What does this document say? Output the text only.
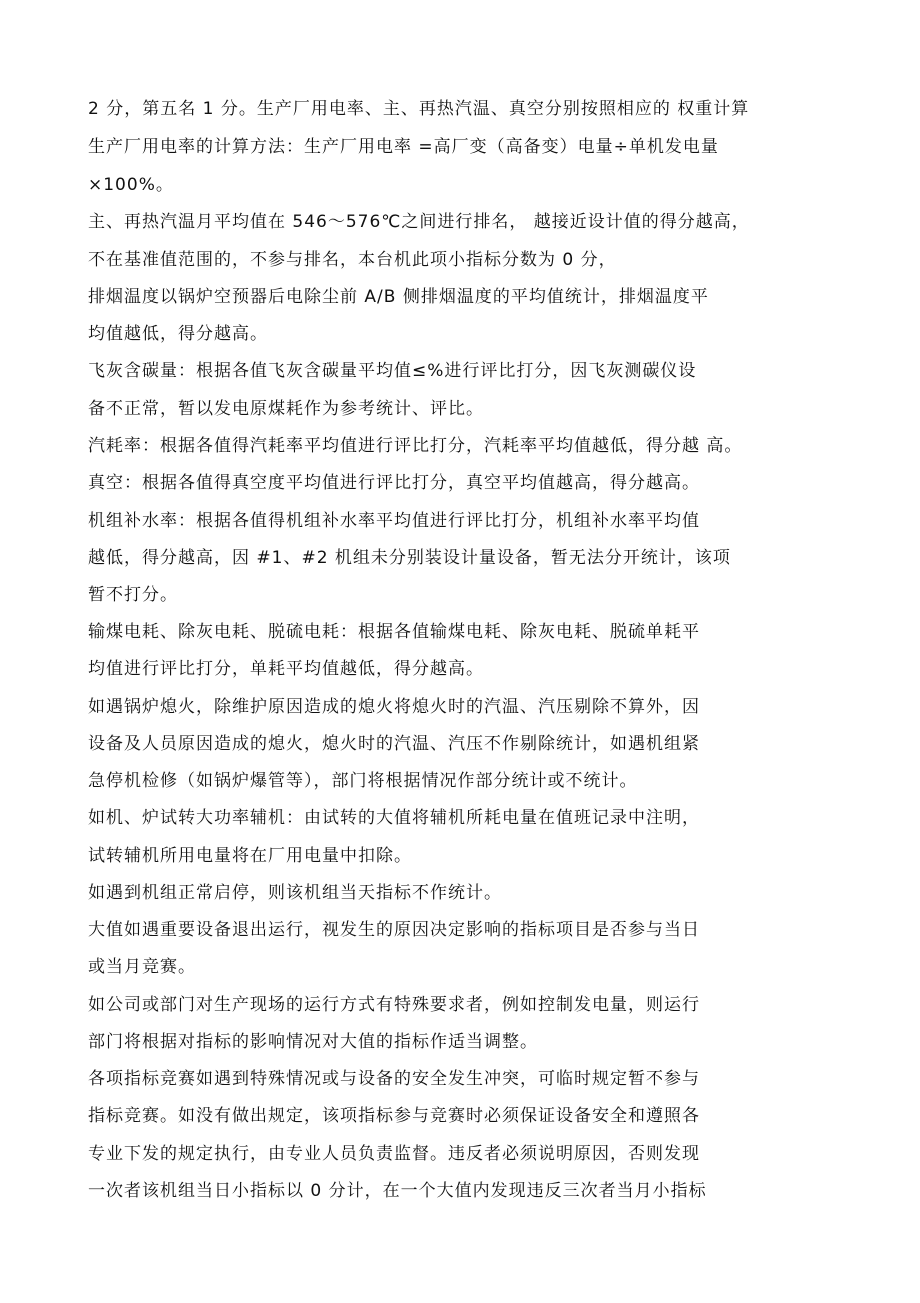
2 分，第五名 1 分。生产厂用电率、主、再热汽温、真空分别按照相应的 权重计算
生产厂用电率的计算方法：生产厂用电率 =高厂变（高备变）电量÷单机发电量
×100%。
主、再热汽温月平均值在 546～576℃之间进行排名， 越接近设计值的得分越高，
不在基准值范围的，不参与排名，本台机此项小指标分数为 0 分，
排烟温度以锅炉空预器后电除尘前 A/B 侧排烟温度的平均值统计，排烟温度平
均值越低，得分越高。
飞灰含碳量：根据各值飞灰含碳量平均值≤%进行评比打分，因飞灰测碳仪设
备不正常，暂以发电原煤耗作为参考统计、评比。
汽耗率：根据各值得汽耗率平均值进行评比打分，汽耗率平均值越低，得分越 高。
真空：根据各值得真空度平均值进行评比打分，真空平均值越高，得分越高。
机组补水率：根据各值得机组补水率平均值进行评比打分，机组补水率平均值
越低，得分越高，因 #1、#2 机组未分别装设计量设备，暂无法分开统计，该项
暂不打分。
输煤电耗、除灰电耗、脱硫电耗：根据各值输煤电耗、除灰电耗、脱硫单耗平
均值进行评比打分，单耗平均值越低，得分越高。
如遇锅炉熄火，除维护原因造成的熄火将熄火时的汽温、汽压剔除不算外，因
设备及人员原因造成的熄火，熄火时的汽温、汽压不作剔除统计，如遇机组紧
急停机检修（如锅炉爆管等），部门将根据情况作部分统计或不统计。
如机、炉试转大功率辅机：由试转的大值将辅机所耗电量在值班记录中注明，
试转辅机所用电量将在厂用电量中扣除。
如遇到机组正常启停，则该机组当天指标不作统计。
大值如遇重要设备退出运行，视发生的原因决定影响的指标项目是否参与当日
或当月竞赛。
如公司或部门对生产现场的运行方式有特殊要求者，例如控制发电量，则运行
部门将根据对指标的影响情况对大值的指标作适当调整。
各项指标竞赛如遇到特殊情况或与设备的安全发生冲突，可临时规定暂不参与
指标竞赛。如没有做出规定，该项指标参与竞赛时必须保证设备安全和遵照各
专业下发的规定执行，由专业人员负责监督。违反者必须说明原因，否则发现
一次者该机组当日小指标以 0 分计，在一个大值内发现违反三次者当月小指标
